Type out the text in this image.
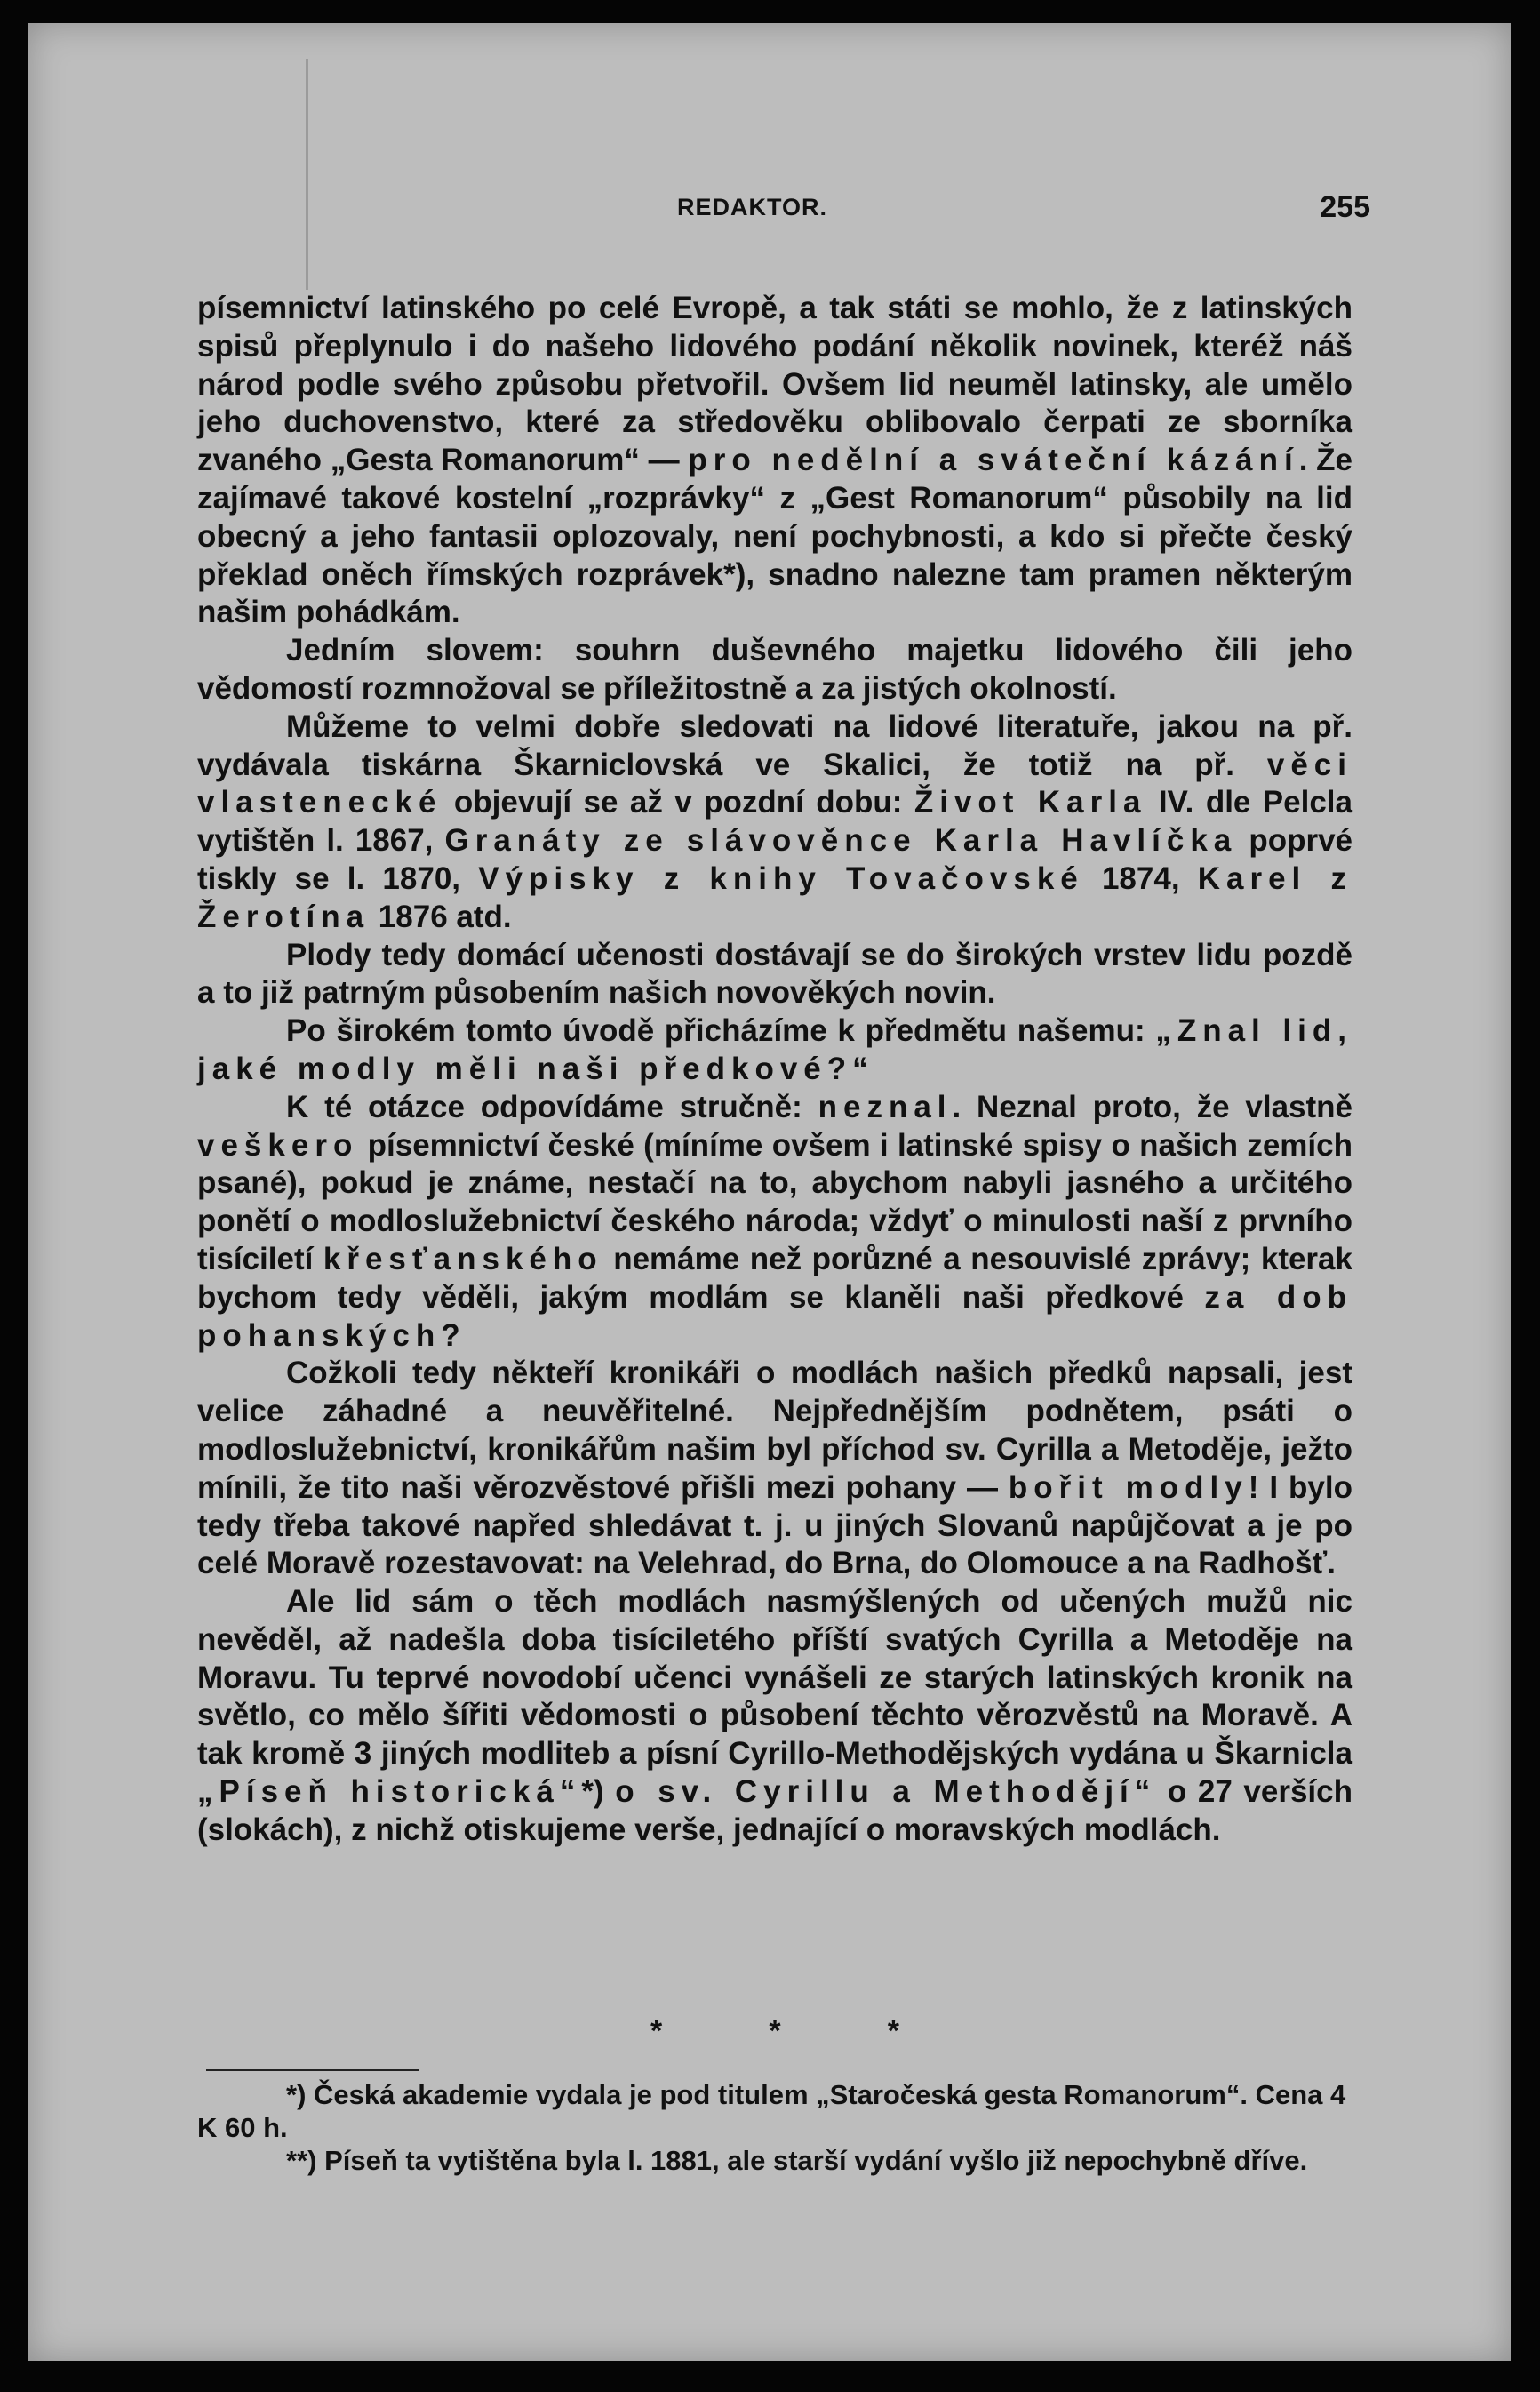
REDAKTOR.	255

písemnictví latinského po celé Evropě, a tak státi se mohlo, že z latinských spisů přeplynulo i do našeho lidového podání několik novinek, kteréž náš národ podle svého způsobu přetvořil. Ovšem lid neuměl latinsky, ale umělo jeho duchovenstvo, které za středověku oblibovalo čerpati ze sborníka zvaného „Gesta Romanorum“ — pro nedělní a sváteční kázání. Že zajímavé takové kostelní „rozprávky“ z „Gest Romanorum“ působily na lid obecný a jeho fantasii oplozovaly, není pochybnosti, a kdo si přečte český překlad oněch římských rozprávek*), snadno nalezne tam pramen některým našim pohádkám.

Jedním slovem: souhrn duševného majetku lidového čili jeho vědomostí rozmnožoval se příležitostně a za jistých okolností.

Můžeme to velmi dobře sledovati na lidové literatuře, jakou na př. vydávala tiskárna Škarniclovská ve Skalici, že totiž na př. věci vlastenecké objevují se až v pozdní dobu: Život Karla IV. dle Pelcla vytištěn l. 1867, Granáty ze slávověnce Karla Havlíčka poprvé tiskly se l. 1870, Výpisky z knihy Tovačovské 1874, Karel z Žerotína 1876 atd.

Plody tedy domácí učenosti dostávají se do širokých vrstev lidu pozdě a to již patrným působením našich novověkých novin.

Po širokém tomto úvodě přicházíme k předmětu našemu: „Znal lid, jaké modly měli naši předkové?“

K té otázce odpovídáme stručně: neznal. Neznal proto, že vlastně veškero písemnictví české (míníme ovšem i latinské spisy o našich zemích psané), pokud je známe, nestačí na to, abychom nabyli jasného a určitého ponětí o modloslužebnictví českého národa; vždyť o minulosti naší z prvního tisíciletí křesťanského nemáme než porůzné a nesouvislé zprávy; kterak bychom tedy věděli, jakým modlám se klaněli naši předkové za dob pohanských?

Cožkoli tedy někteří kronikáři o modlách našich předků napsali, jest velice záhadné a neuvěřitelné. Nejpřednějším podnětem, psáti o modloslužebnictví, kronikářům našim byl příchod sv. Cyrilla a Metoděje, ježto mínili, že tito naši věrozvěstové přišli mezi pohany — bořit modly! I bylo tedy třeba takové napřed shledávat t. j. u jiných Slovanů napůjčovat a je po celé Moravě rozestavovat: na Velehrad, do Brna, do Olomouce a na Radhošť.

Ale lid sám o těch modlách nasmýšlených od učených mužů nic nevěděl, až nadešla doba tisíciletého příští svatých Cyrilla a Metoděje na Moravu. Tu teprvé novodobí učenci vynášeli ze starých latinských kronik na světlo, co mělo šířiti vědomosti o působení těchto věrozvěstů na Moravě. A tak kromě 3 jiných modliteb a písní Cyrillo-Methodějských vydána u Škarnicla „Píseň historická“*) o sv. Cyrillu a Methodějí“ o 27 verších (slokách), z nichž otiskujeme verše, jednající o moravských modlách.

*	*	*

*) Česká akademie vydala je pod titulem „Staročeská gesta Romanorum“. Cena 4 K 60 h.

**) Píseň ta vytištěna byla l. 1881, ale starší vydání vyšlo již nepochybně dříve.
